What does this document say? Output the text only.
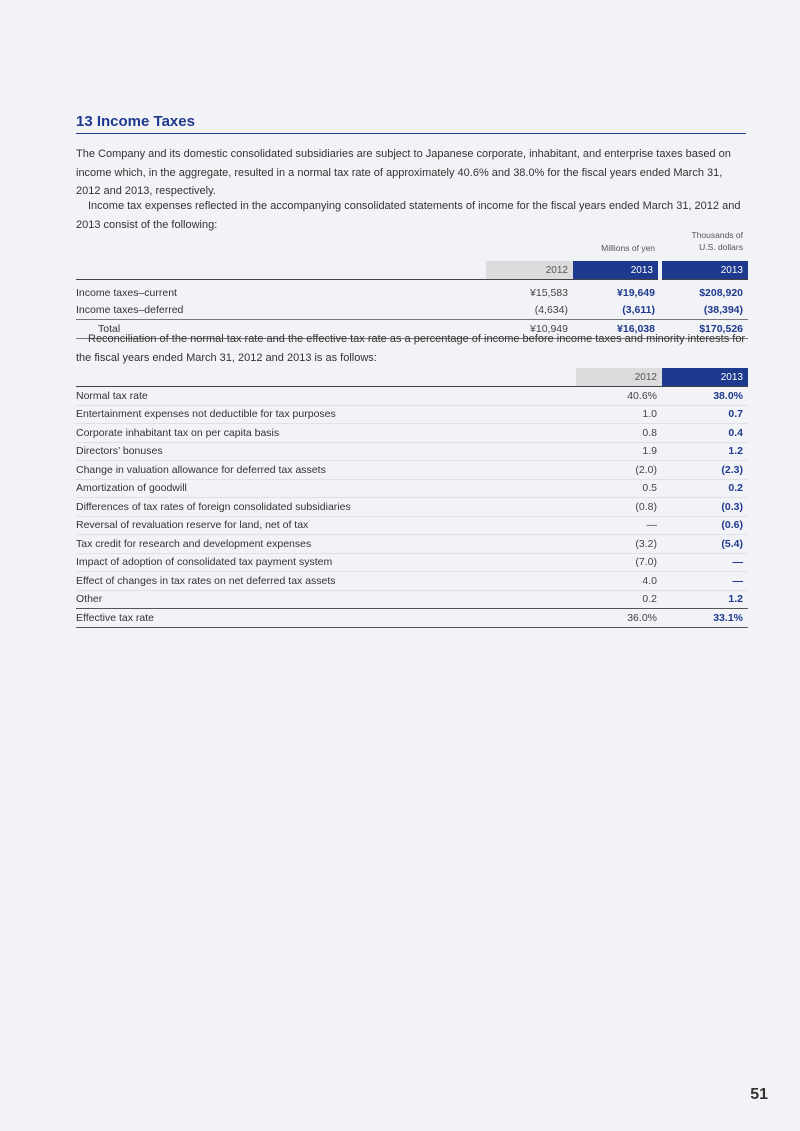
13 Income Taxes
The Company and its domestic consolidated subsidiaries are subject to Japanese corporate, inhabitant, and enterprise taxes based on income which, in the aggregate, resulted in a normal tax rate of approximately 40.6% and 38.0% for the fiscal years ended March 31, 2012 and 2013, respectively.
Income tax expenses reflected in the accompanying consolidated statements of income for the fiscal years ended March 31, 2012 and 2013 consist of the following:
	Millions of yen		Thousands of
U.S. dollars

	2012	2013	2013

Income taxes–current	¥15,583	¥19,649	$208,920
Income taxes–deferred	(4,634)	(3,611)	(38,394)
Total	¥10,949	¥16,038	$170,526
Reconciliation of the normal tax rate and the effective tax rate as a percentage of income before income taxes and minority interests for the fiscal years ended March 31, 2012 and 2013 is as follows:
	2012	2013
Normal tax rate	40.6%	38.0%
Entertainment expenses not deductible for tax purposes	1.0	0.7
Corporate inhabitant tax on per capita basis	0.8	0.4
Directors’ bonuses	1.9	1.2
Change in valuation allowance for deferred tax assets	(2.0)	(2.3)
Amortization of goodwill	0.5	0.2
Differences of tax rates of foreign consolidated subsidiaries	(0.8)	(0.3)
Reversal of revaluation reserve for land, net of tax	—	(0.6)
Tax credit for research and development expenses	(3.2)	(5.4)
Impact of adoption of consolidated tax payment system	(7.0)	—
Effect of changes in tax rates on net deferred tax assets	4.0	—
Other	0.2	1.2
Effective tax rate	36.0%	33.1%
51
